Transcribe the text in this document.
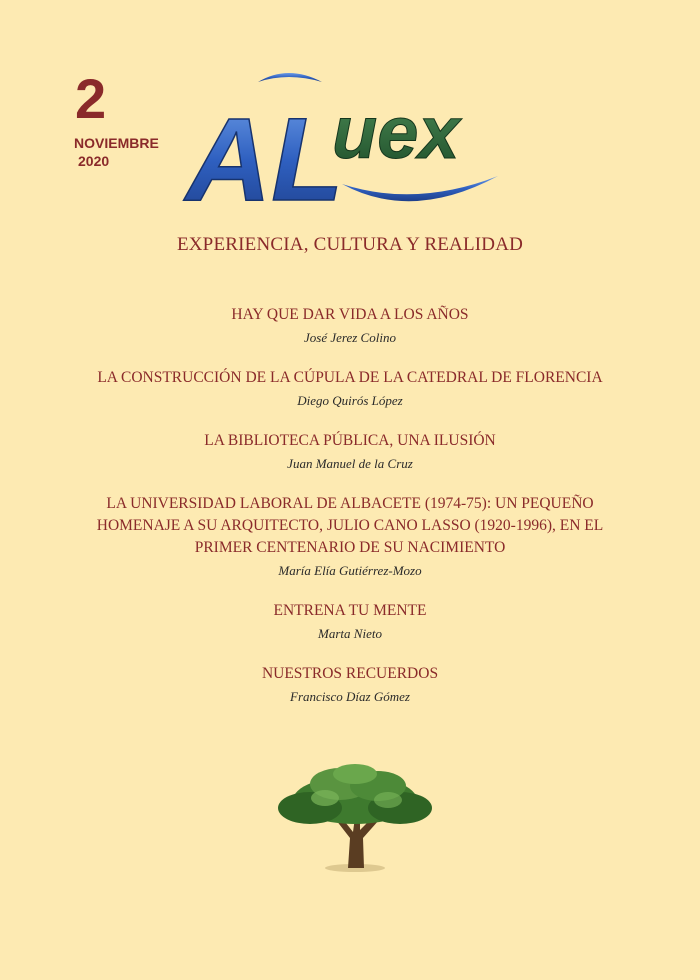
2
NOVIEMBRE
2020 AL
uex
EXPERIENCIA, CULTURA Y REALIDAD
HAY QUE DAR VIDA A LOS AÑOS
José Jerez Colino
LA CONSTRUCCIÓN DE LA CÚPULA DE LA CATEDRAL DE FLORENCIA
Diego Quirós López
LA BIBLIOTECA PÚBLICA, UNA ILUSIÓN
Juan Manuel de la Cruz
LA UNIVERSIDAD LABORAL DE ALBACETE (1974-75): UN PEQUEÑO
HOMENAJE A SU ARQUITECTO, JULIO CANO LASSO (1920-1996), EN EL
PRIMER CENTENARIO DE SU NACIMIENTO
María Elía Gutiérrez-Mozo
ENTRENA TU MENTE
Marta Nieto
NUESTROS RECUERDOS
Francisco Díaz Gómez
